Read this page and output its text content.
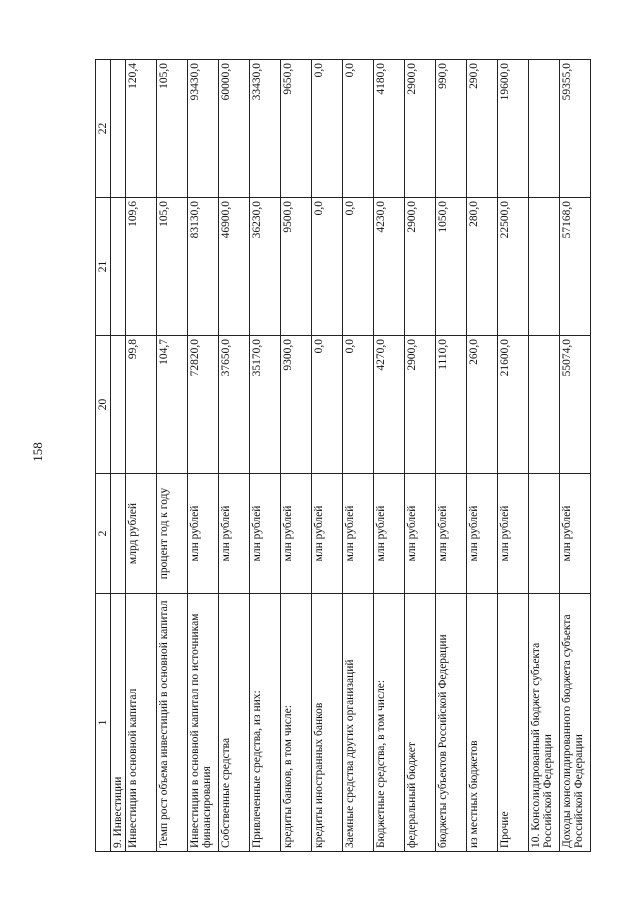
158
1	2	20	21	22
9. Инвестиции				
Инвестиции в основной капитал	млрд рублей	99,8	109,6	120,4
Темп рост объема инвестиций в основной капитал	процент год к году	104,7	105,0	105,0
Инвестиции в основной капитал по источникам финансирования	млн рублей	72820,0	83130,0	93430,0
Собственные средства	млн рублей	37650,0	46900,0	60000,0
Привлеченные средства, из них:	млн рублей	35170,0	36230,0	33430,0
кредиты банков, в том числе:	млн рублей	9300,0	9500,0	9650,0
кредиты иностранных банков	млн рублей	0,0	0,0	0,0
Заемные средства других организаций	млн рублей	0,0	0,0	0,0
Бюджетные средства, в том числе:	млн рублей	4270,0	4230,0	4180,0
федеральный бюджет	млн рублей	2900,0	2900,0	2900,0
бюджеты субъектов Российской Федерации	млн рублей	1110,0	1050,0	990,0
из местных бюджетов	млн рублей	260,0	280,0	290,0
Прочие	млн рублей	21600,0	22500,0	19600,0
10. Консолидированный бюджет субъекта Российской Федерации				
Доходы консолидированного бюджета субъекта Российской Федерации	млн рублей	55074,0	57168,0	59355,0
